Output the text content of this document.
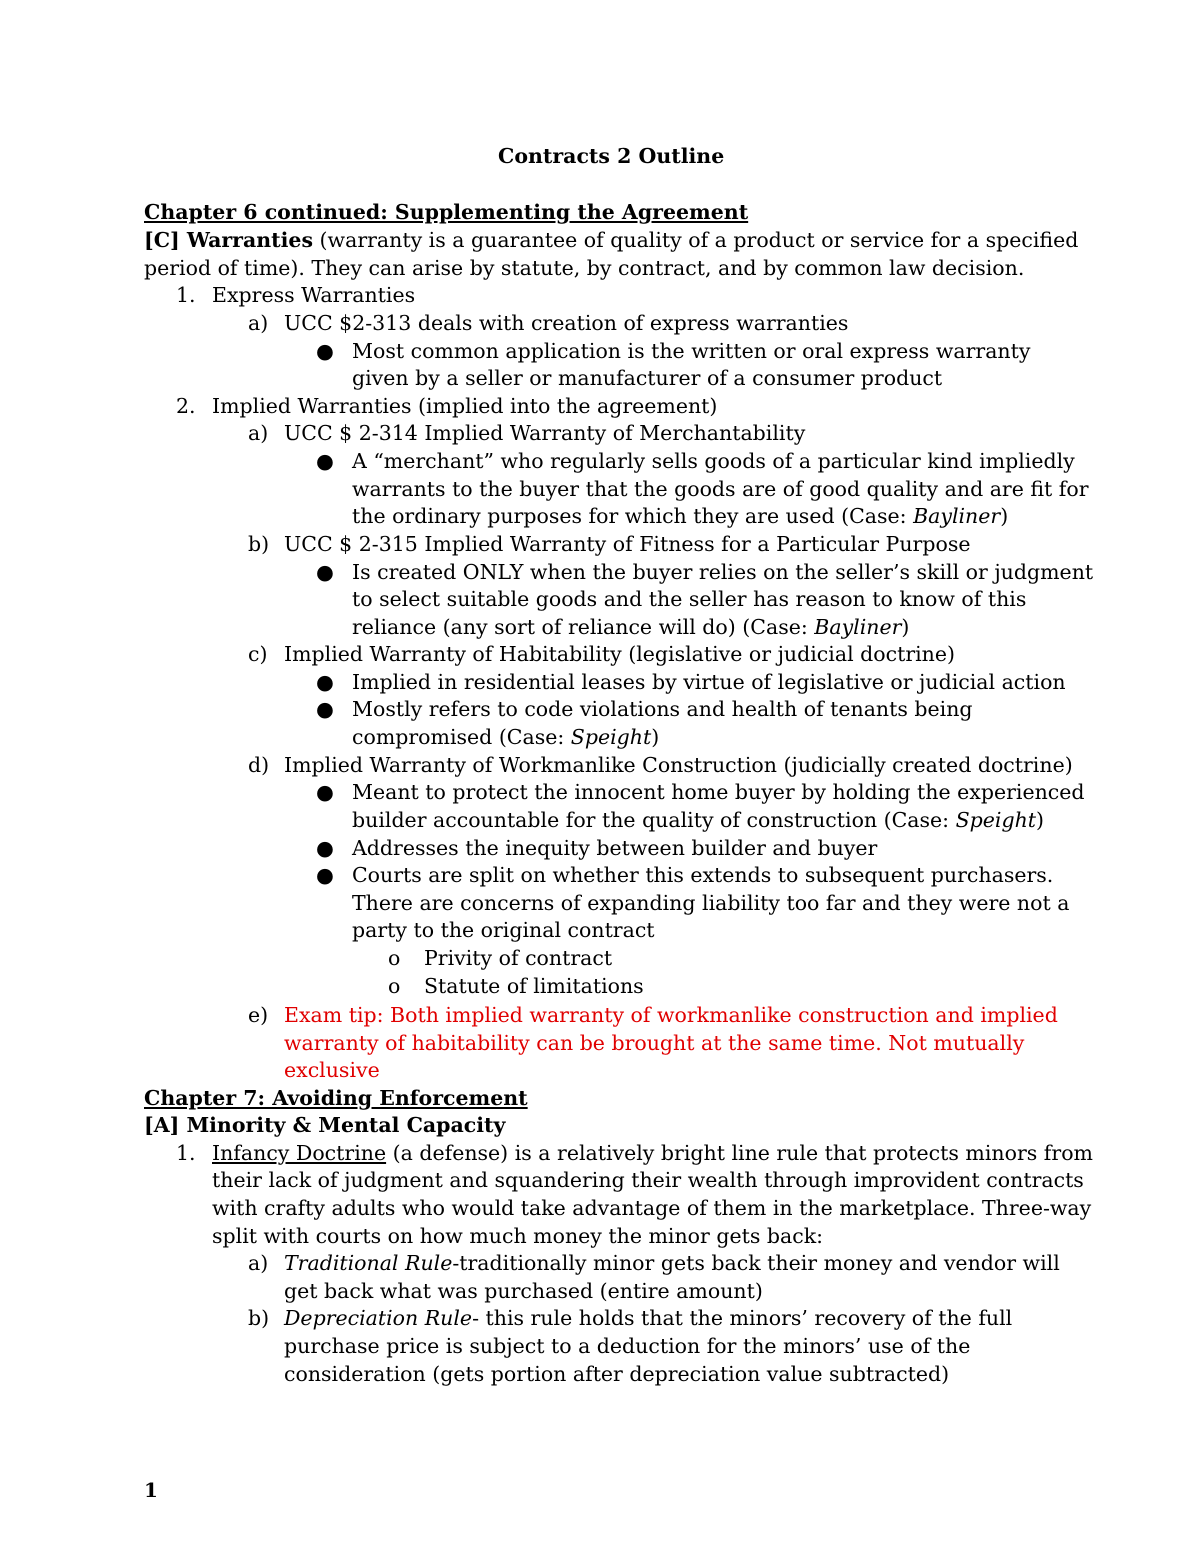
Contracts 2 Outline
Chapter 6 continued: Supplementing the Agreement
[C] Warranties (warranty is a guarantee of quality of a product or service for a specified
period of time). They can arise by statute, by contract, and by common law decision.
1. Express Warranties
a) UCC $2-313 deals with creation of express warranties
● Most common application is the written or oral express warranty
given by a seller or manufacturer of a consumer product
2. Implied Warranties (implied into the agreement)
a) UCC $ 2-314 Implied Warranty of Merchantability
● A “merchant” who regularly sells goods of a particular kind impliedly
warrants to the buyer that the goods are of good quality and are fit for
the ordinary purposes for which they are used (Case: Bayliner)
b) UCC $ 2-315 Implied Warranty of Fitness for a Particular Purpose
● Is created ONLY when the buyer relies on the seller’s skill or judgment
to select suitable goods and the seller has reason to know of this
reliance (any sort of reliance will do) (Case: Bayliner)
c) Implied Warranty of Habitability (legislative or judicial doctrine)
● Implied in residential leases by virtue of legislative or judicial action
● Mostly refers to code violations and health of tenants being
compromised (Case: Speight)
d) Implied Warranty of Workmanlike Construction (judicially created doctrine)
● Meant to protect the innocent home buyer by holding the experienced
builder accountable for the quality of construction (Case: Speight)
● Addresses the inequity between builder and buyer
● Courts are split on whether this extends to subsequent purchasers.
There are concerns of expanding liability too far and they were not a
party to the original contract
o Privity of contract
o Statute of limitations
e) Exam tip: Both implied warranty of workmanlike construction and implied
warranty of habitability can be brought at the same time. Not mutually
exclusive
Chapter 7: Avoiding Enforcement
[A] Minority & Mental Capacity
1. Infancy Doctrine (a defense) is a relatively bright line rule that protects minors from
their lack of judgment and squandering their wealth through improvident contracts
with crafty adults who would take advantage of them in the marketplace. Three-way
split with courts on how much money the minor gets back:
a) Traditional Rule-traditionally minor gets back their money and vendor will
get back what was purchased (entire amount)
b) Depreciation Rule- this rule holds that the minors’ recovery of the full
purchase price is subject to a deduction for the minors’ use of the
consideration (gets portion after depreciation value subtracted)
1
